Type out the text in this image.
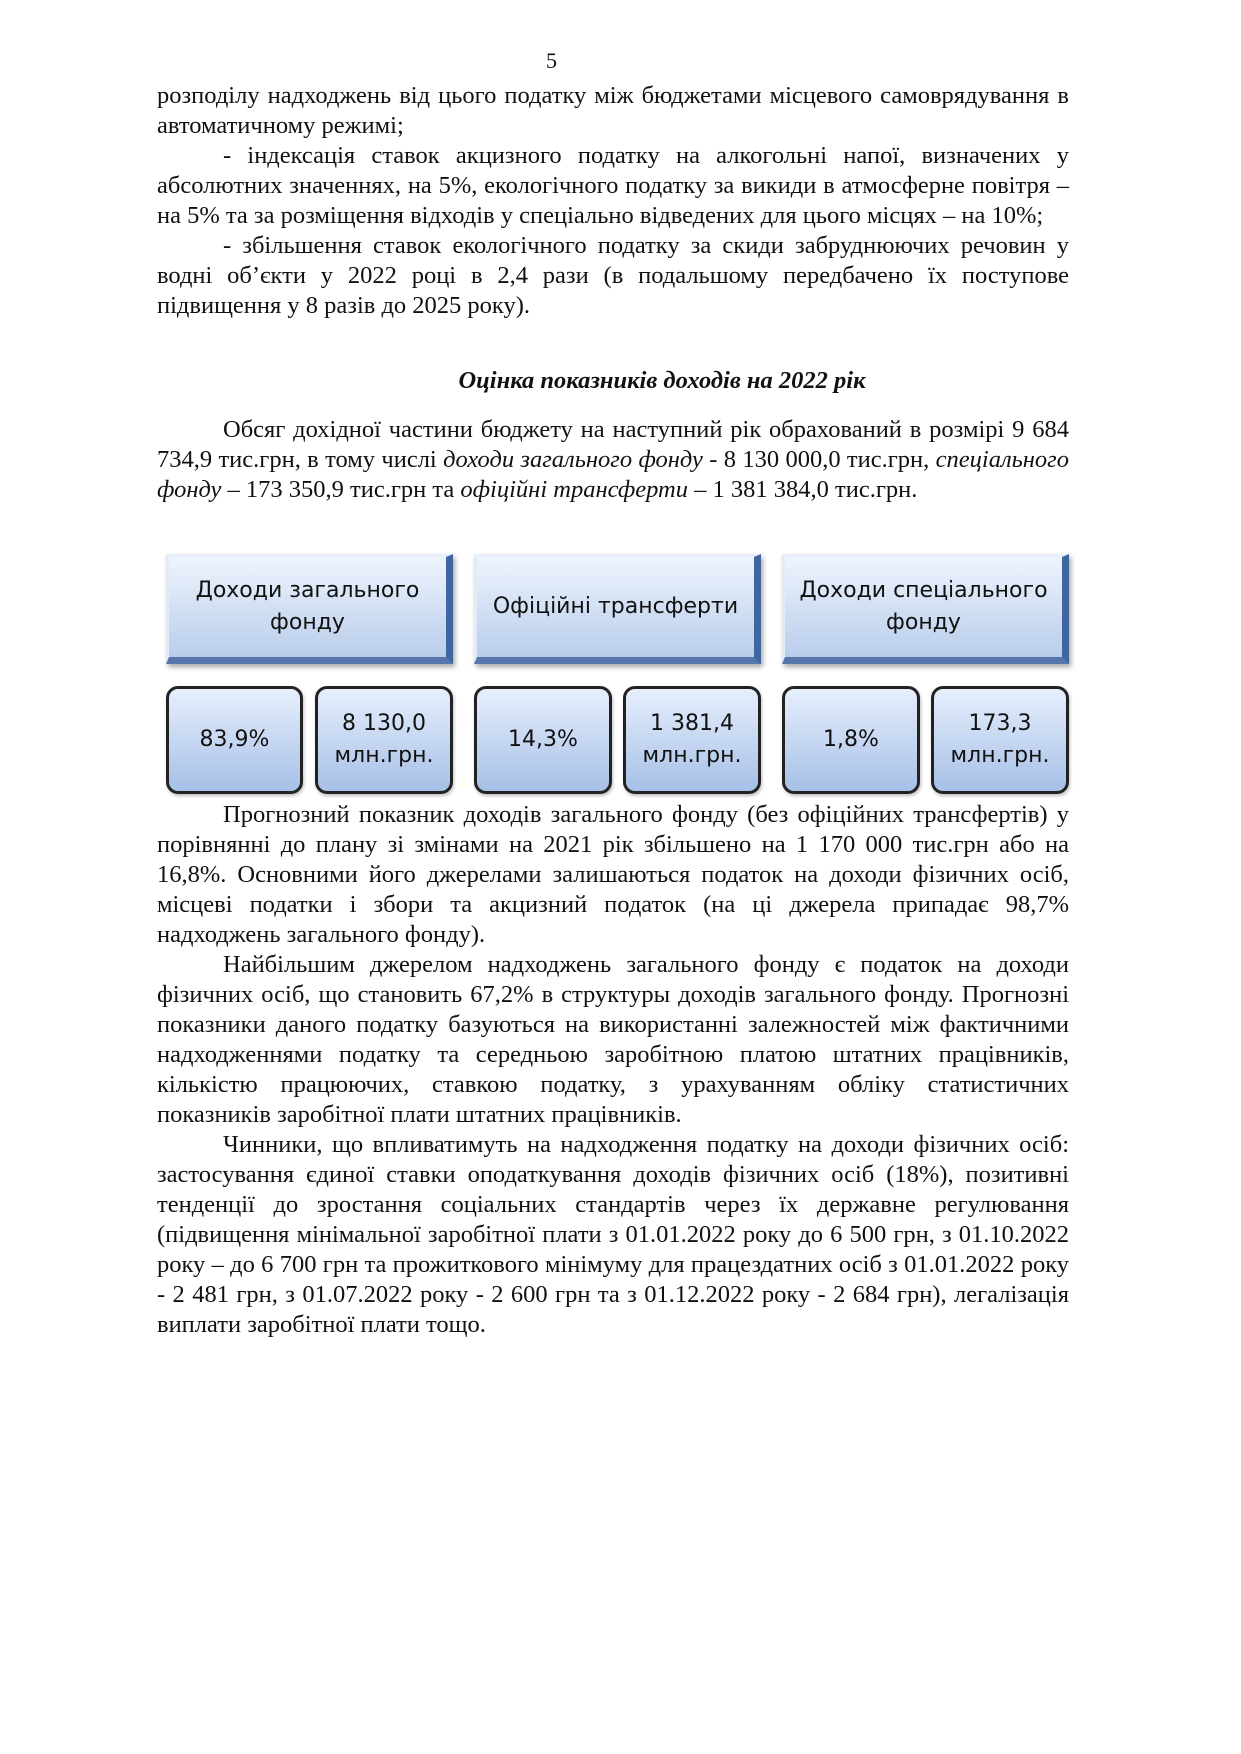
5

розподілу надходжень від цього податку між бюджетами місцевого самоврядування в автоматичному режимі;

- індексація ставок акцизного податку на алкогольні напої, визначених у абсолютних значеннях, на 5%, екологічного податку за викиди в атмосферне повітря – на 5% та за розміщення відходів у спеціально відведених для цього місцях – на 10%;

- збільшення ставок екологічного податку за скиди забруднюючих речовин у водні об’єкти у 2022 році в 2,4 рази (в подальшому передбачено їх поступове підвищення у 8 разів до 2025 року).

Оцінка показників доходів на 2022 рік

Обсяг дохідної частини бюджету на наступний рік обрахований в розмірі 9 684 734,9 тис.грн, в тому числі доходи загального фонду - 8 130 000,0 тис.грн, спеціального фонду – 173 350,9 тис.грн та офіційні трансферти – 1 381 384,0 тис.грн.

Доходи загального фонду
Офіційні трансферти
Доходи спеціального фонду
83,9%
8 130,0 млн.грн.
14,3%
1 381,4 млн.грн.
1,8%
173,3 млн.грн.

Прогнозний показник доходів загального фонду (без офіційних трансфертів) у порівнянні до плану зі змінами на 2021 рік збільшено на 1 170 000 тис.грн або на 16,8%. Основними його джерелами залишаються податок на доходи фізичних осіб, місцеві податки і збори та акцизний податок (на ці джерела припадає 98,7% надходжень загального фонду).

Найбільшим джерелом надходжень загального фонду є податок на доходи фізичних осіб, що становить 67,2% в структуры доходів загального фонду. Прогнозні показники даного податку базуються на використанні залежностей між фактичними надходженнями податку та середньою заробітною платою штатних працівників, кількістю працюючих, ставкою податку, з урахуванням обліку статистичних показників заробітної плати штатних працівників.

Чинники, що впливатимуть на надходження податку на доходи фізичних осіб: застосування єдиної ставки оподаткування доходів фізичних осіб (18%), позитивні тенденції до зростання соціальних стандартів через їх державне регулювання (підвищення мінімальної заробітної плати з 01.01.2022 року до 6 500 грн, з 01.10.2022 року – до 6 700 грн та прожиткового мінімуму для працездатних осіб з 01.01.2022 року - 2 481 грн, з 01.07.2022 року - 2 600 грн та з 01.12.2022 року - 2 684 грн), легалізація виплати заробітної плати тощо.
